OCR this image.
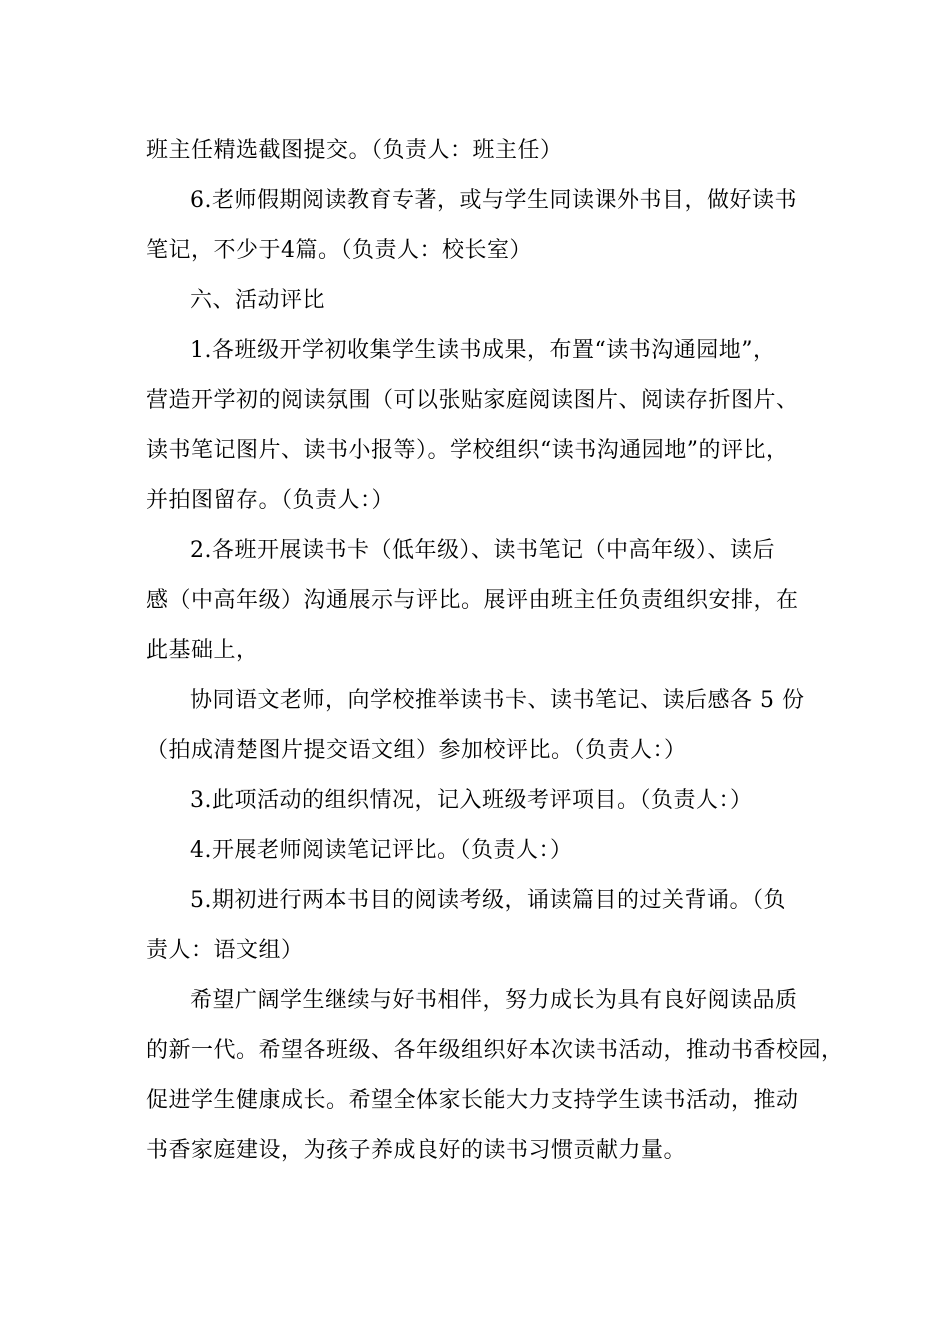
班主任精选截图提交。（负责人：班主任）
6.老师假期阅读教育专著，或与学生同读课外书目，做好读书
笔记，不少于4篇。（负责人：校长室）
六、活动评比
1.各班级开学初收集学生读书成果，布置“读书沟通园地”，
营造开学初的阅读氛围（可以张贴家庭阅读图片、阅读存折图片、
读书笔记图片、读书小报等）。学校组织“读书沟通园地”的评比，
并拍图留存。（负责人：）
2.各班开展读书卡（低年级）、读书笔记（中高年级）、读后
感（中高年级）沟通展示与评比。展评由班主任负责组织安排，在
此基础上，
协同语文老师，向学校推举读书卡、读书笔记、读后感各 5 份
（拍成清楚图片提交语文组）参加校评比。（负责人：）
3.此项活动的组织情况，记入班级考评项目。（负责人：）
4.开展老师阅读笔记评比。（负责人：）
5.期初进行两本书目的阅读考级，诵读篇目的过关背诵。（负
责人：语文组）
希望广阔学生继续与好书相伴，努力成长为具有良好阅读品质
的新一代。希望各班级、各年级组织好本次读书活动，推动书香校园，
促进学生健康成长。希望全体家长能大力支持学生读书活动，推动
书香家庭建设，为孩子养成良好的读书习惯贡献力量。
